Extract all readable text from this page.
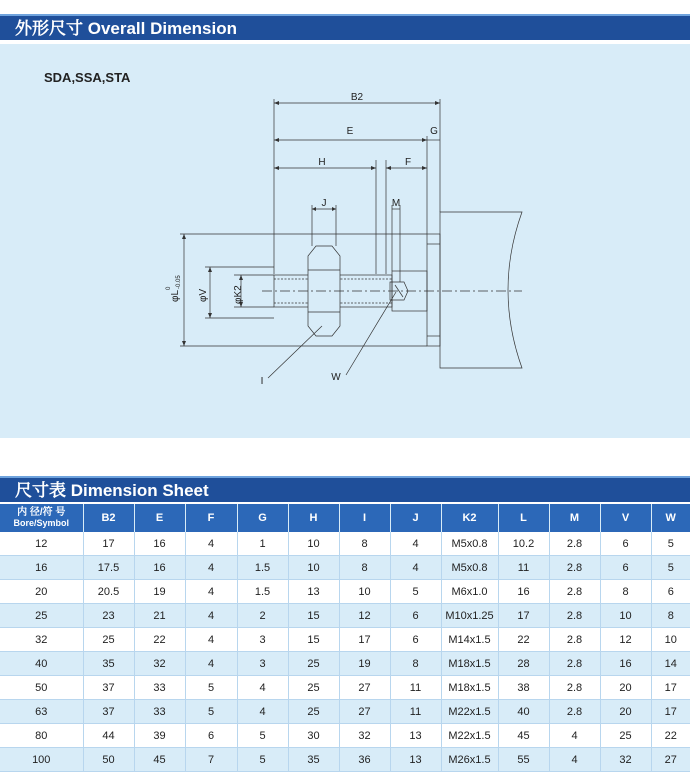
外形尺寸 Overall Dimension
SDA,SSA,STA
B2
E	G
H	F
J	M
I	W
φL
0 -0.05
φV φK2
尺寸表 Dimension Sheet
内 径/符 号
Bore/Symbol	B2	E	F	G	H	I	J	K2	L	M	V	W
12	17	16	4	1	10	8	4	M5x0.8	10.2	2.8	6	5
16	17.5	16	4	1.5	10	8	4	M5x0.8	11	2.8	6	5
20	20.5	19	4	1.5	13	10	5	M6x1.0	16	2.8	8	6
25	23	21	4	2	15	12	6	M10x1.25	17	2.8	10	8
32	25	22	4	3	15	17	6	M14x1.5	22	2.8	12	10
40	35	32	4	3	25	19	8	M18x1.5	28	2.8	16	14
50	37	33	5	4	25	27	11	M18x1.5	38	2.8	20	17
63	37	33	5	4	25	27	11	M22x1.5	40	2.8	20	17
80	44	39	6	5	30	32	13	M22x1.5	45	4	25	22
100	50	45	7	5	35	36	13	M26x1.5	55	4	32	27
